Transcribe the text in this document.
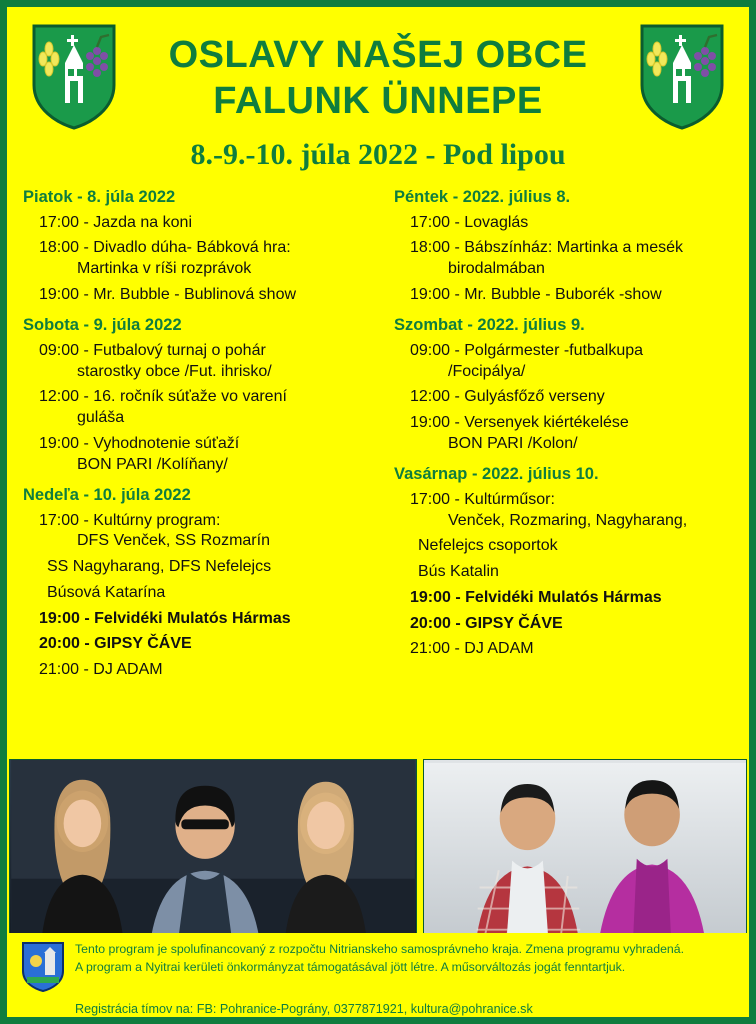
OSLAVY NAŠEJ OBCE
FALUNK ÜNNEPE
8.-9.-10. júla 2022 - Pod lipou
Piatok - 8. júla 2022
17:00 - Jazda na koni
18:00 - Divadlo dúha- Bábková hra:
Martinka v ríši rozprávok
19:00 - Mr. Bubble - Bublinová show
Sobota - 9. júla 2022
09:00 - Futbalový turnaj o pohár
starostky obce /Fut. ihrisko/
12:00 - 16. ročník súťaže vo varení
guláša
19:00 - Vyhodnotenie súťaží
BON PARI /Kolíňany/
Nedeľa - 10. júla 2022
17:00 - Kultúrny program:
DFS Venček, SS Rozmarín
SS Nagyharang, DFS Nefelejcs
Búsová Katarína
19:00 - Felvidéki Mulatós Hármas
20:00 - GIPSY ČÁVE
21:00 - DJ ADAM
Péntek - 2022. július 8.
17:00 - Lovaglás
18:00 - Bábszínház: Martinka a mesék
birodalmában
19:00 - Mr. Bubble - Buborék -show
Szombat - 2022. július 9.
09:00 - Polgármester -futbalkupa
/Focipálya/
12:00 - Gulyásfőző verseny
19:00 - Versenyek kiértékelése
BON PARI /Kolon/
Vasárnap - 2022. július 10.
17:00 - Kultúrműsor:
Venček, Rozmaring, Nagyharang,
Nefelejcs csoportok
Bús Katalin
19:00 - Felvidéki Mulatós Hármas
20:00 - GIPSY ČÁVE
21:00 - DJ ADAM
Tento program je spolufinancovaný z rozpočtu Nitrianskeho samosprávneho kraja. Zmena programu vyhradená.
A program a Nyitrai kerületi önkormányzat támogatásával jött létre. A műsorváltozás jogát fenntartjuk.
Registrácia tímov na: FB: Pohranice-Pográny, 0377871921, kultura@pohranice.sk
